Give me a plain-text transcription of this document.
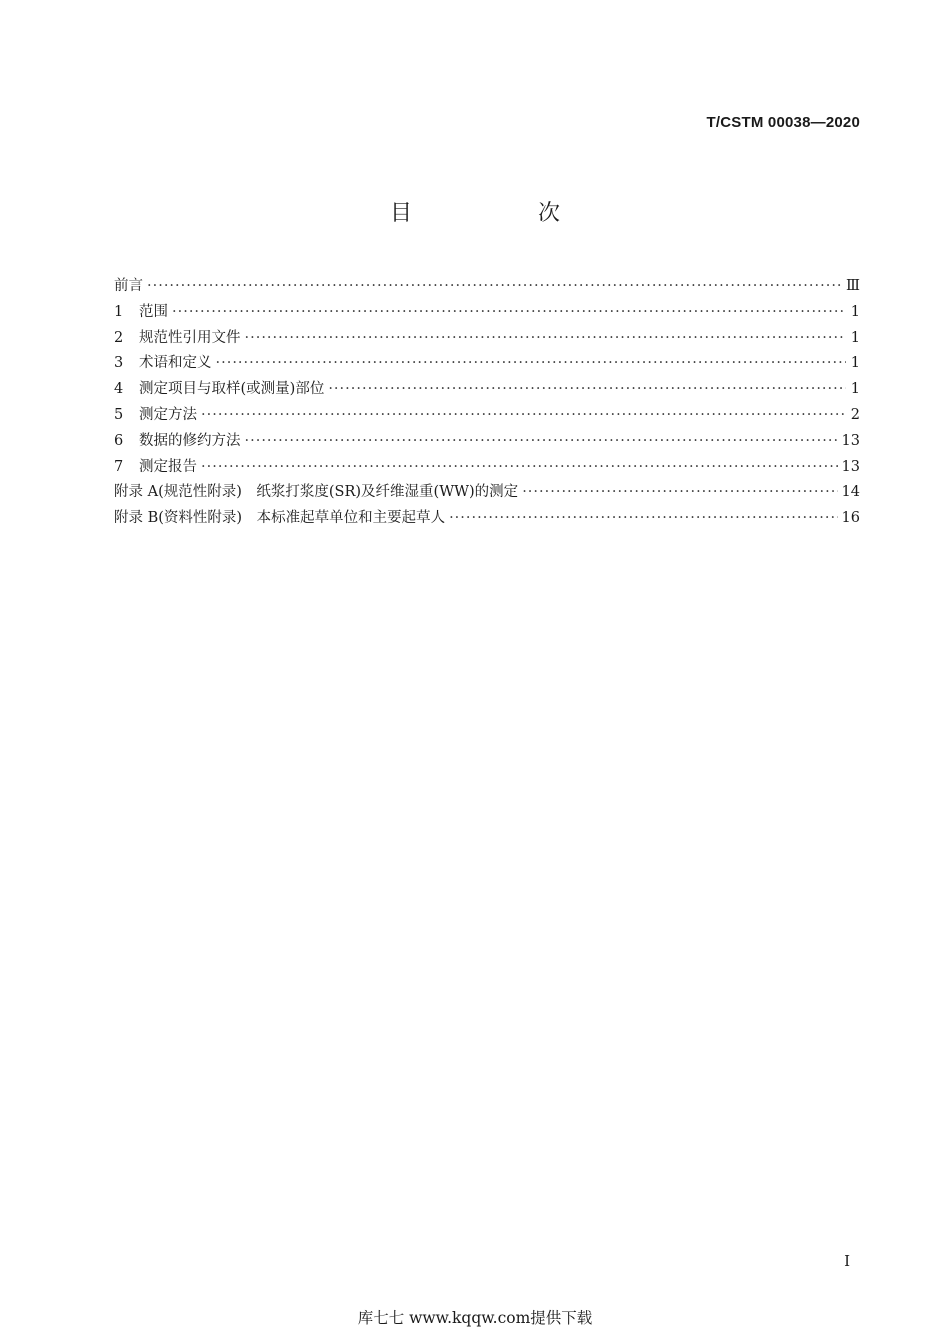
T/CSTM 00038—2020
目　次
前言 ·····	Ⅲ
1	范围 ·····	1
2	规范性引用文件 ·····	1
3	术语和定义 ·····	1
4	测定项目与取样(或测量)部位 ·····	1
5	测定方法 ·····	2
6	数据的修约方法 ·····	13
7	测定报告 ·····	13
附录 A(规范性附录)　纸浆打浆度(SR)及纤维湿重(WW)的测定 ·····	14
附录 B(资料性附录)　本标准起草单位和主要起草人 ·····	16
I
库七七 www.kqqw.com提供下载
